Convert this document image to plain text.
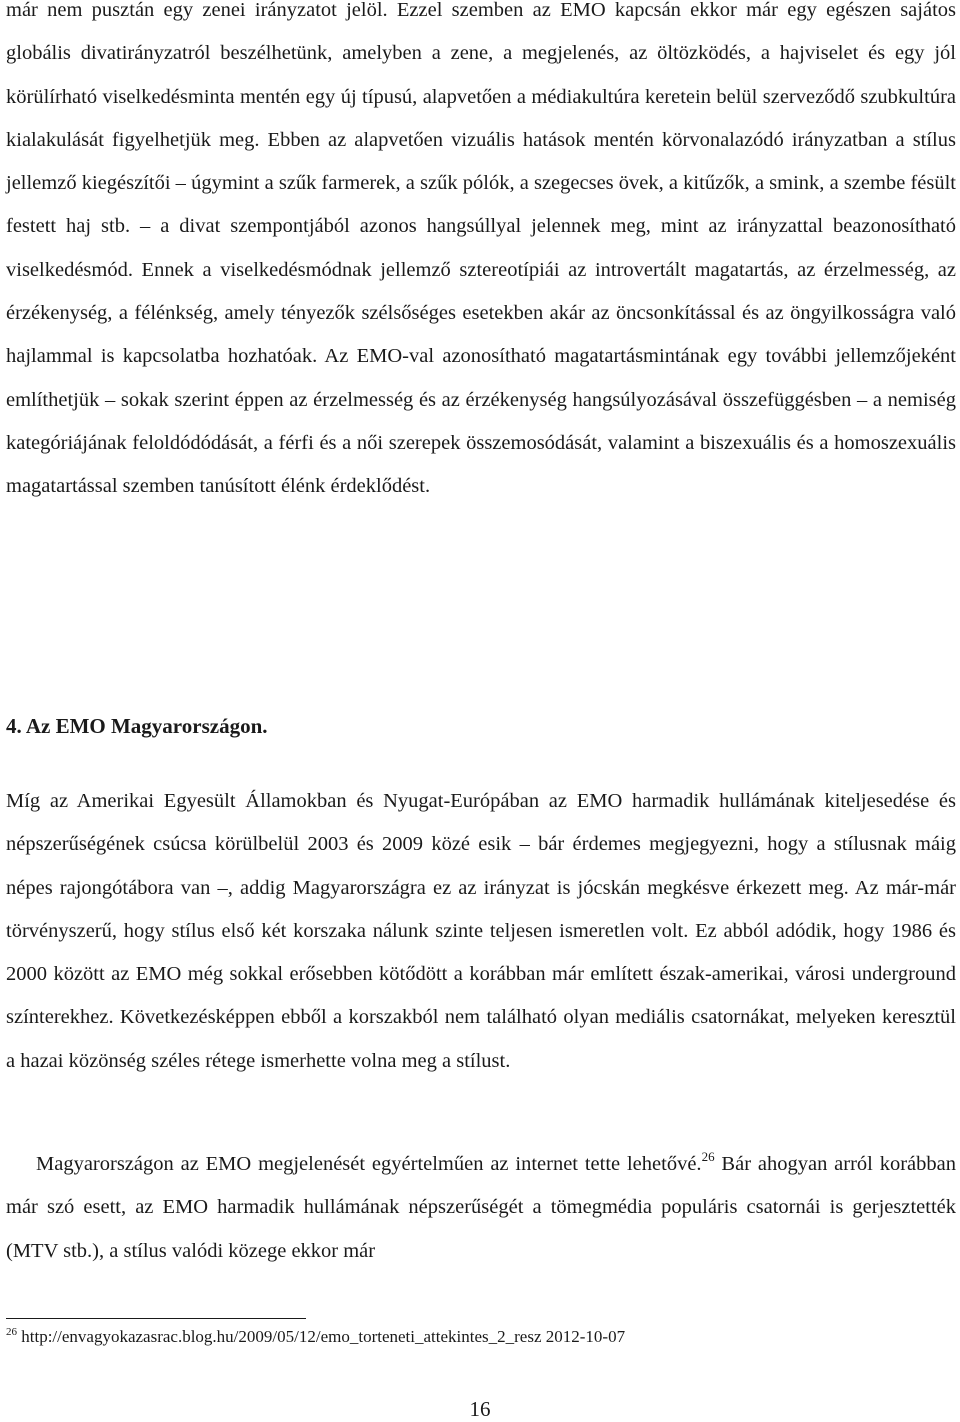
már nem pusztán egy zenei irányzatot jelöl. Ezzel szemben az EMO kapcsán ekkor már egy egészen sajátos globális divatirányzatról beszélhetünk, amelyben a zene, a megjelenés, az öltözködés, a hajviselet és egy jól körülírható viselkedésminta mentén egy új típusú, alapvetően a médiakultúra keretein belül szerveződő szubkultúra kialakulását figyelhetjük meg. Ebben az alapvetően vizuális hatások mentén körvonalazódó irányzatban a stílus jellemző kiegészítői – úgymint a szűk farmerek, a szűk pólók, a szegecses övek, a kitűzők, a smink, a szembe fésült festett haj stb. – a divat szempontjából azonos hangsúllyal jelennek meg, mint az irányzattal beazonosítható viselkedésmód. Ennek a viselkedésmódnak jellemző sztereotípiái az introvertált magatartás, az érzelmesség, az érzékenység, a félénkség, amely tényezők szélsőséges esetekben akár az öncsonkítással és az öngyilkosságra való hajlammal is kapcsolatba hozhatóak. Az EMO-val azonosítható magatartásmintának egy további jellemzőjeként említhetjük – sokak szerint éppen az érzelmesség és az érzékenység hangsúlyozásával összefüggésben – a nemiség kategóriájának feloldódódását, a férfi és a női szerepek összemosódását, valamint a biszexuális és a homoszexuális magatartással szemben tanúsított élénk érdeklődést.

4. Az EMO Magyarországon.

Míg az Amerikai Egyesült Államokban és Nyugat-Európában az EMO harmadik hullámának kiteljesedése és népszerűségének csúcsa körülbelül 2003 és 2009 közé esik – bár érdemes megjegyezni, hogy a stílusnak máig népes rajongótábora van –, addig Magyarországra ez az irányzat is jócskán megkésve érkezett meg. Az már-már törvényszerű, hogy stílus első két korszaka nálunk szinte teljesen ismeretlen volt. Ez abból adódik, hogy 1986 és 2000 között az EMO még sokkal erősebben kötődött a korábban már említett észak-amerikai, városi underground színterekhez. Következésképpen ebből a korszakból nem található olyan mediális csatornákat, melyeken keresztül a hazai közönség széles rétege ismerhette volna meg a stílust.

Magyarországon az EMO megjelenését egyértelműen az internet tette lehetővé.$^{26}$ Bár ahogyan arról korábban már szó esett, az EMO harmadik hullámának népszerűségét a tömegmédia populáris csatornái is gerjesztették (MTV stb.), a stílus valódi közege ekkor már

$^{26}$ http://envagyokazasrac.blog.hu/2009/05/12/emo_torteneti_attekintes_2_resz 2012-10-07

16
